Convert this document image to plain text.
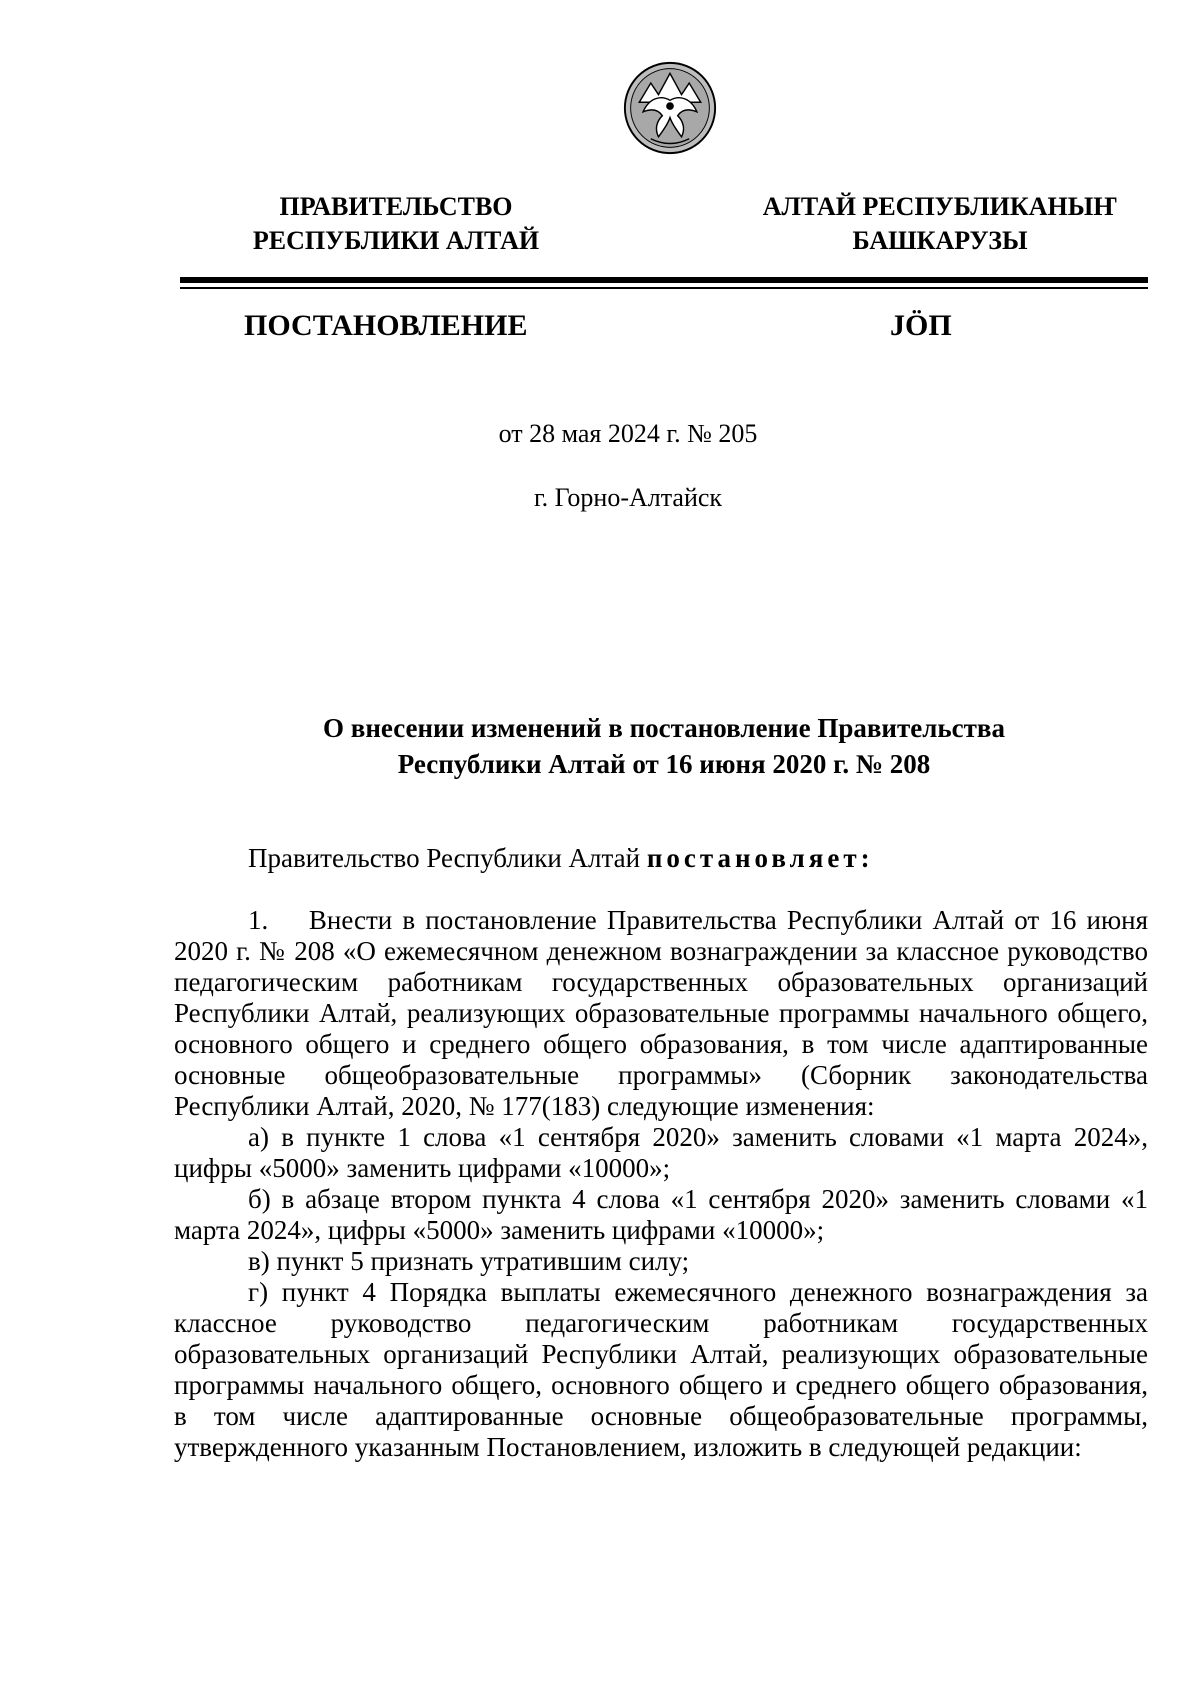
ПРАВИТЕЛЬСТВО
РЕСПУБЛИКИ АЛТАЙ
АЛТАЙ РЕСПУБЛИКАНЫҤ
БАШКАРУЗЫ
ПОСТАНОВЛЕНИЕ	JÖП
от 28 мая 2024 г. № 205
г. Горно-Алтайск
О внесении изменений в постановление Правительства
Республики Алтай от 16 июня 2020 г. № 208
Правительство Республики Алтай постановляет:

1.    Внести в постановление Правительства Республики Алтай от 16 июня 2020 г. № 208 «О ежемесячном денежном вознаграждении за классное руководство педагогическим работникам государственных образовательных организаций Республики Алтай, реализующих образовательные программы начального общего, основного общего и среднего общего образования, в том числе адаптированные основные общеобразовательные программы» (Сборник законодательства Республики Алтай, 2020, № 177(183) следующие изменения:

а) в пункте 1 слова «1 сентября 2020» заменить словами «1 марта 2024», цифры «5000» заменить цифрами «10000»;

б) в абзаце втором пункта 4 слова «1 сентября 2020» заменить словами «1 марта 2024», цифры «5000» заменить цифрами «10000»;

в) пункт 5 признать утратившим силу;

г) пункт 4 Порядка выплаты ежемесячного денежного вознаграждения за классное руководство педагогическим работникам государственных образовательных организаций Республики Алтай, реализующих образовательные программы начального общего, основного общего и среднего общего образования, в том числе адаптированные основные общеобразовательные программы, утвержденного указанным Постановлением, изложить в следующей редакции:
